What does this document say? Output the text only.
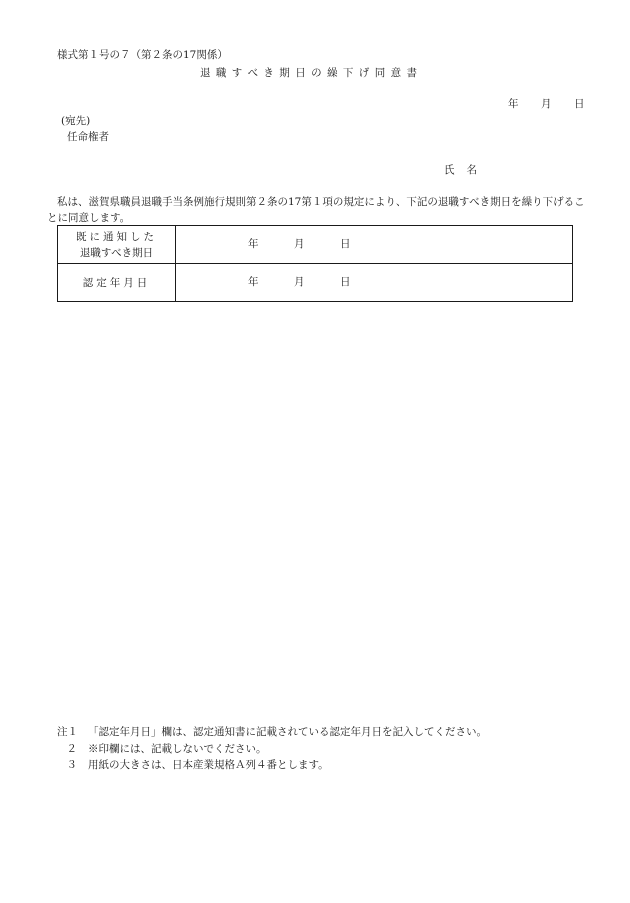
様式第１号の７（第２条の17関係）
退職すべき期日の繰下げ同意書
年 月 日
(宛先)
任命権者
氏 名
私は、滋賀県職員退職手当条例施行規則第２条の17第１項の規定により、下記の退職すべき期日を繰り下げることに同意します。
既に通知した
退職すべき期日	年 月 日

認定年月日	年 月 日
注１ 「認定年月日」欄は、認定通知書に記載されている認定年月日を記入してください。
２ ※印欄には、記載しないでください。
３ 用紙の大きさは、日本産業規格Ａ列４番とします。
